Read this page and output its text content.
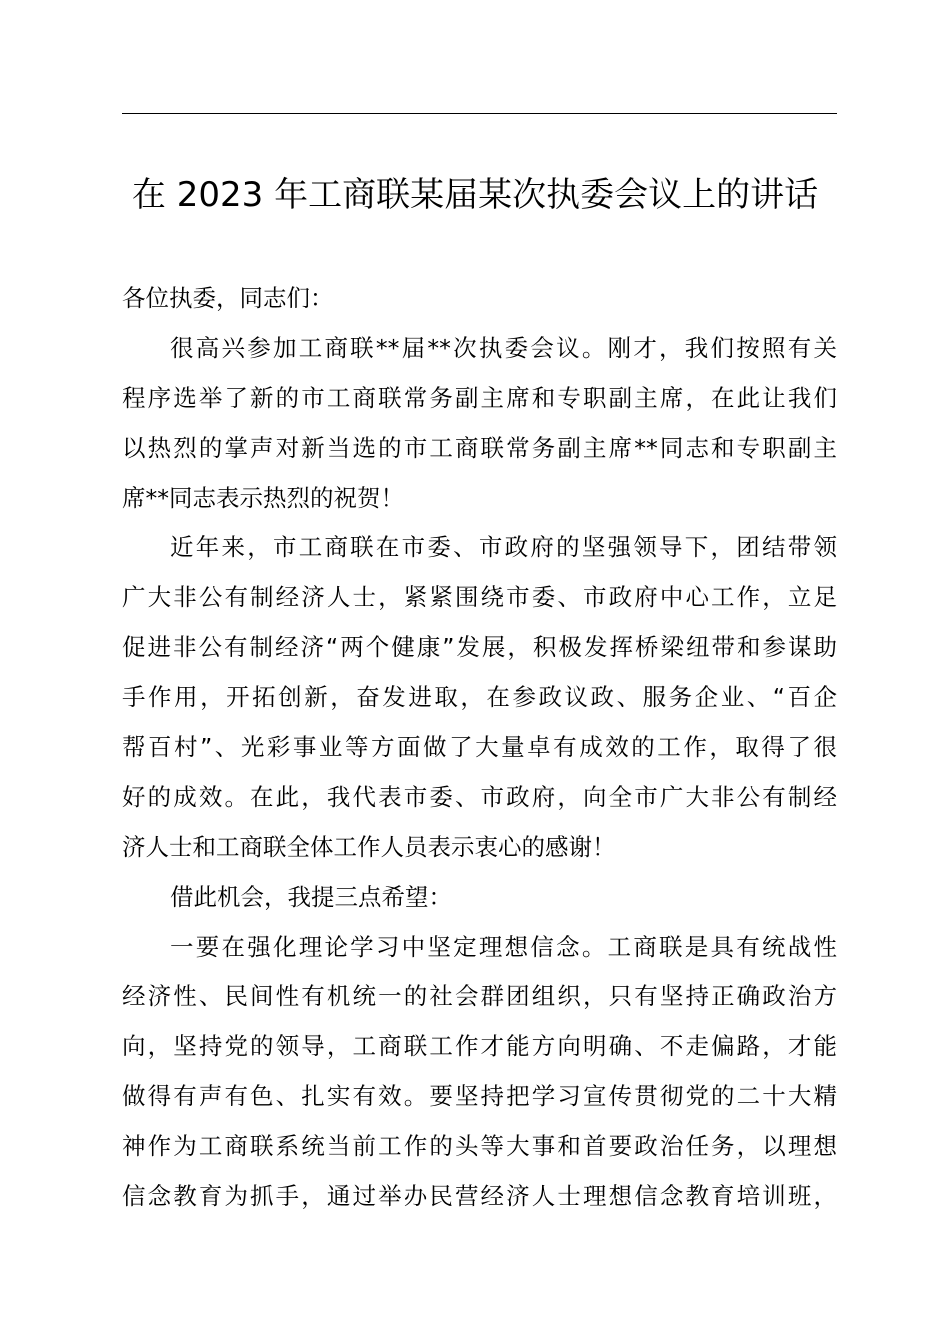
在 2023 年工商联某届某次执委会议上的讲话
各位执委，同志们：
很高兴参加工商联**届**次执委会议。刚才，我们按照有关
程序选举了新的市工商联常务副主席和专职副主席，在此让我们
以热烈的掌声对新当选的市工商联常务副主席**同志和专职副主
席**同志表示热烈的祝贺！
近年来，市工商联在市委、市政府的坚强领导下，团结带领
广大非公有制经济人士，紧紧围绕市委、市政府中心工作，立足
促进非公有制经济“两个健康”发展，积极发挥桥梁纽带和参谋助
手作用，开拓创新，奋发进取，在参政议政、服务企业、“百企
帮百村”、光彩事业等方面做了大量卓有成效的工作，取得了很
好的成效。在此，我代表市委、市政府，向全市广大非公有制经
济人士和工商联全体工作人员表示衷心的感谢！
借此机会，我提三点希望：
一要在强化理论学习中坚定理想信念。工商联是具有统战性
经济性、民间性有机统一的社会群团组织，只有坚持正确政治方
向，坚持党的领导，工商联工作才能方向明确、不走偏路，才能
做得有声有色、扎实有效。要坚持把学习宣传贯彻党的二十大精
神作为工商联系统当前工作的头等大事和首要政治任务，以理想
信念教育为抓手，通过举办民营经济人士理想信念教育培训班，
